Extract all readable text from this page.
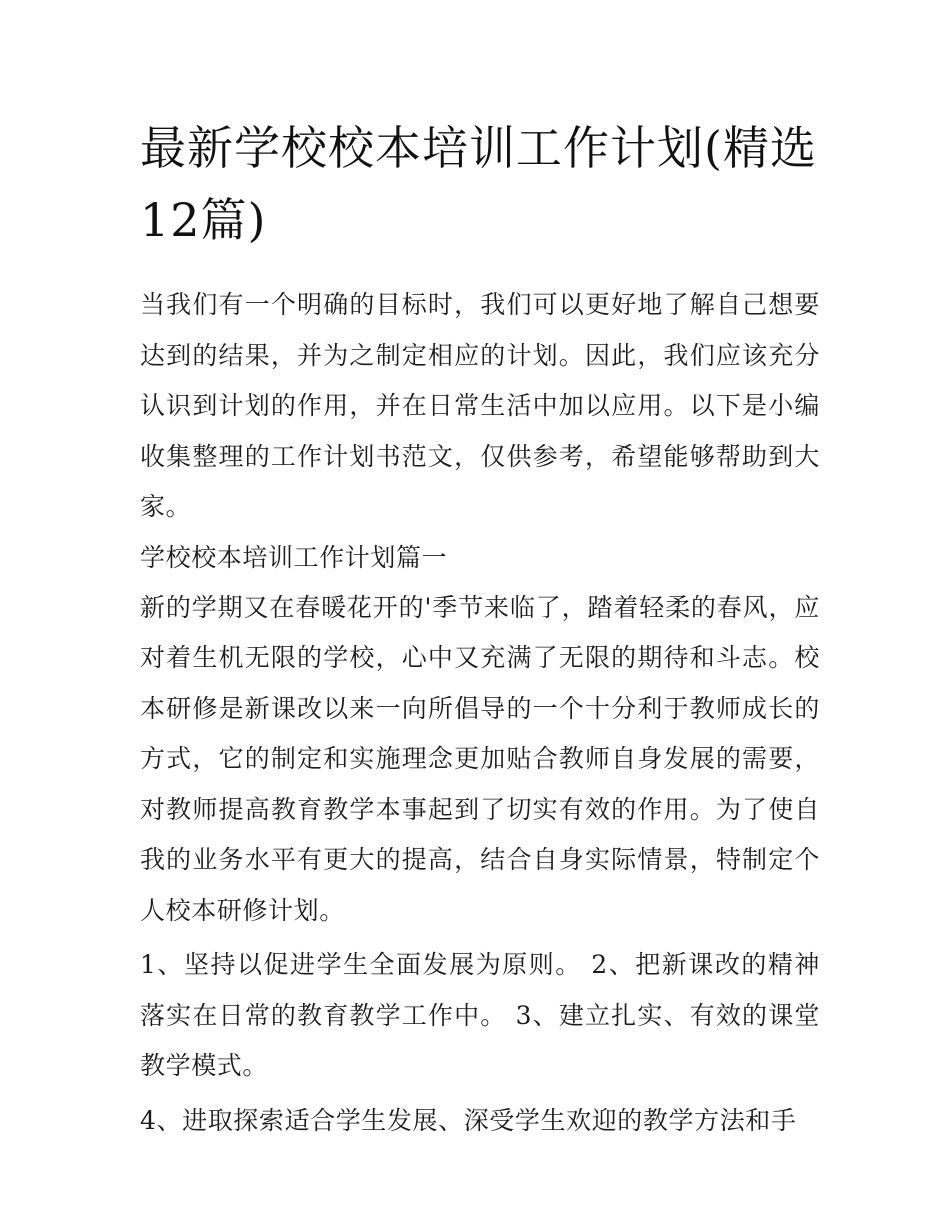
最新学校校本培训工作计划(精选12篇)

当我们有一个明确的目标时，我们可以更好地了解自己想要达到的结果，并为之制定相应的计划。因此，我们应该充分认识到计划的作用，并在日常生活中加以应用。以下是小编收集整理的工作计划书范文，仅供参考，希望能够帮助到大家。

学校校本培训工作计划篇一

新的学期又在春暖花开的'季节来临了，踏着轻柔的春风，应对着生机无限的学校，心中又充满了无限的期待和斗志。校本研修是新课改以来一向所倡导的一个十分利于教师成长的方式，它的制定和实施理念更加贴合教师自身发展的需要，对教师提高教育教学本事起到了切实有效的作用。为了使自我的业务水平有更大的提高，结合自身实际情景，特制定个人校本研修计划。

1、坚持以促进学生全面发展为原则。 2、把新课改的精神落实在日常的教育教学工作中。 3、建立扎实、有效的课堂教学模式。

4、进取探索适合学生发展、深受学生欢迎的教学方法和手
